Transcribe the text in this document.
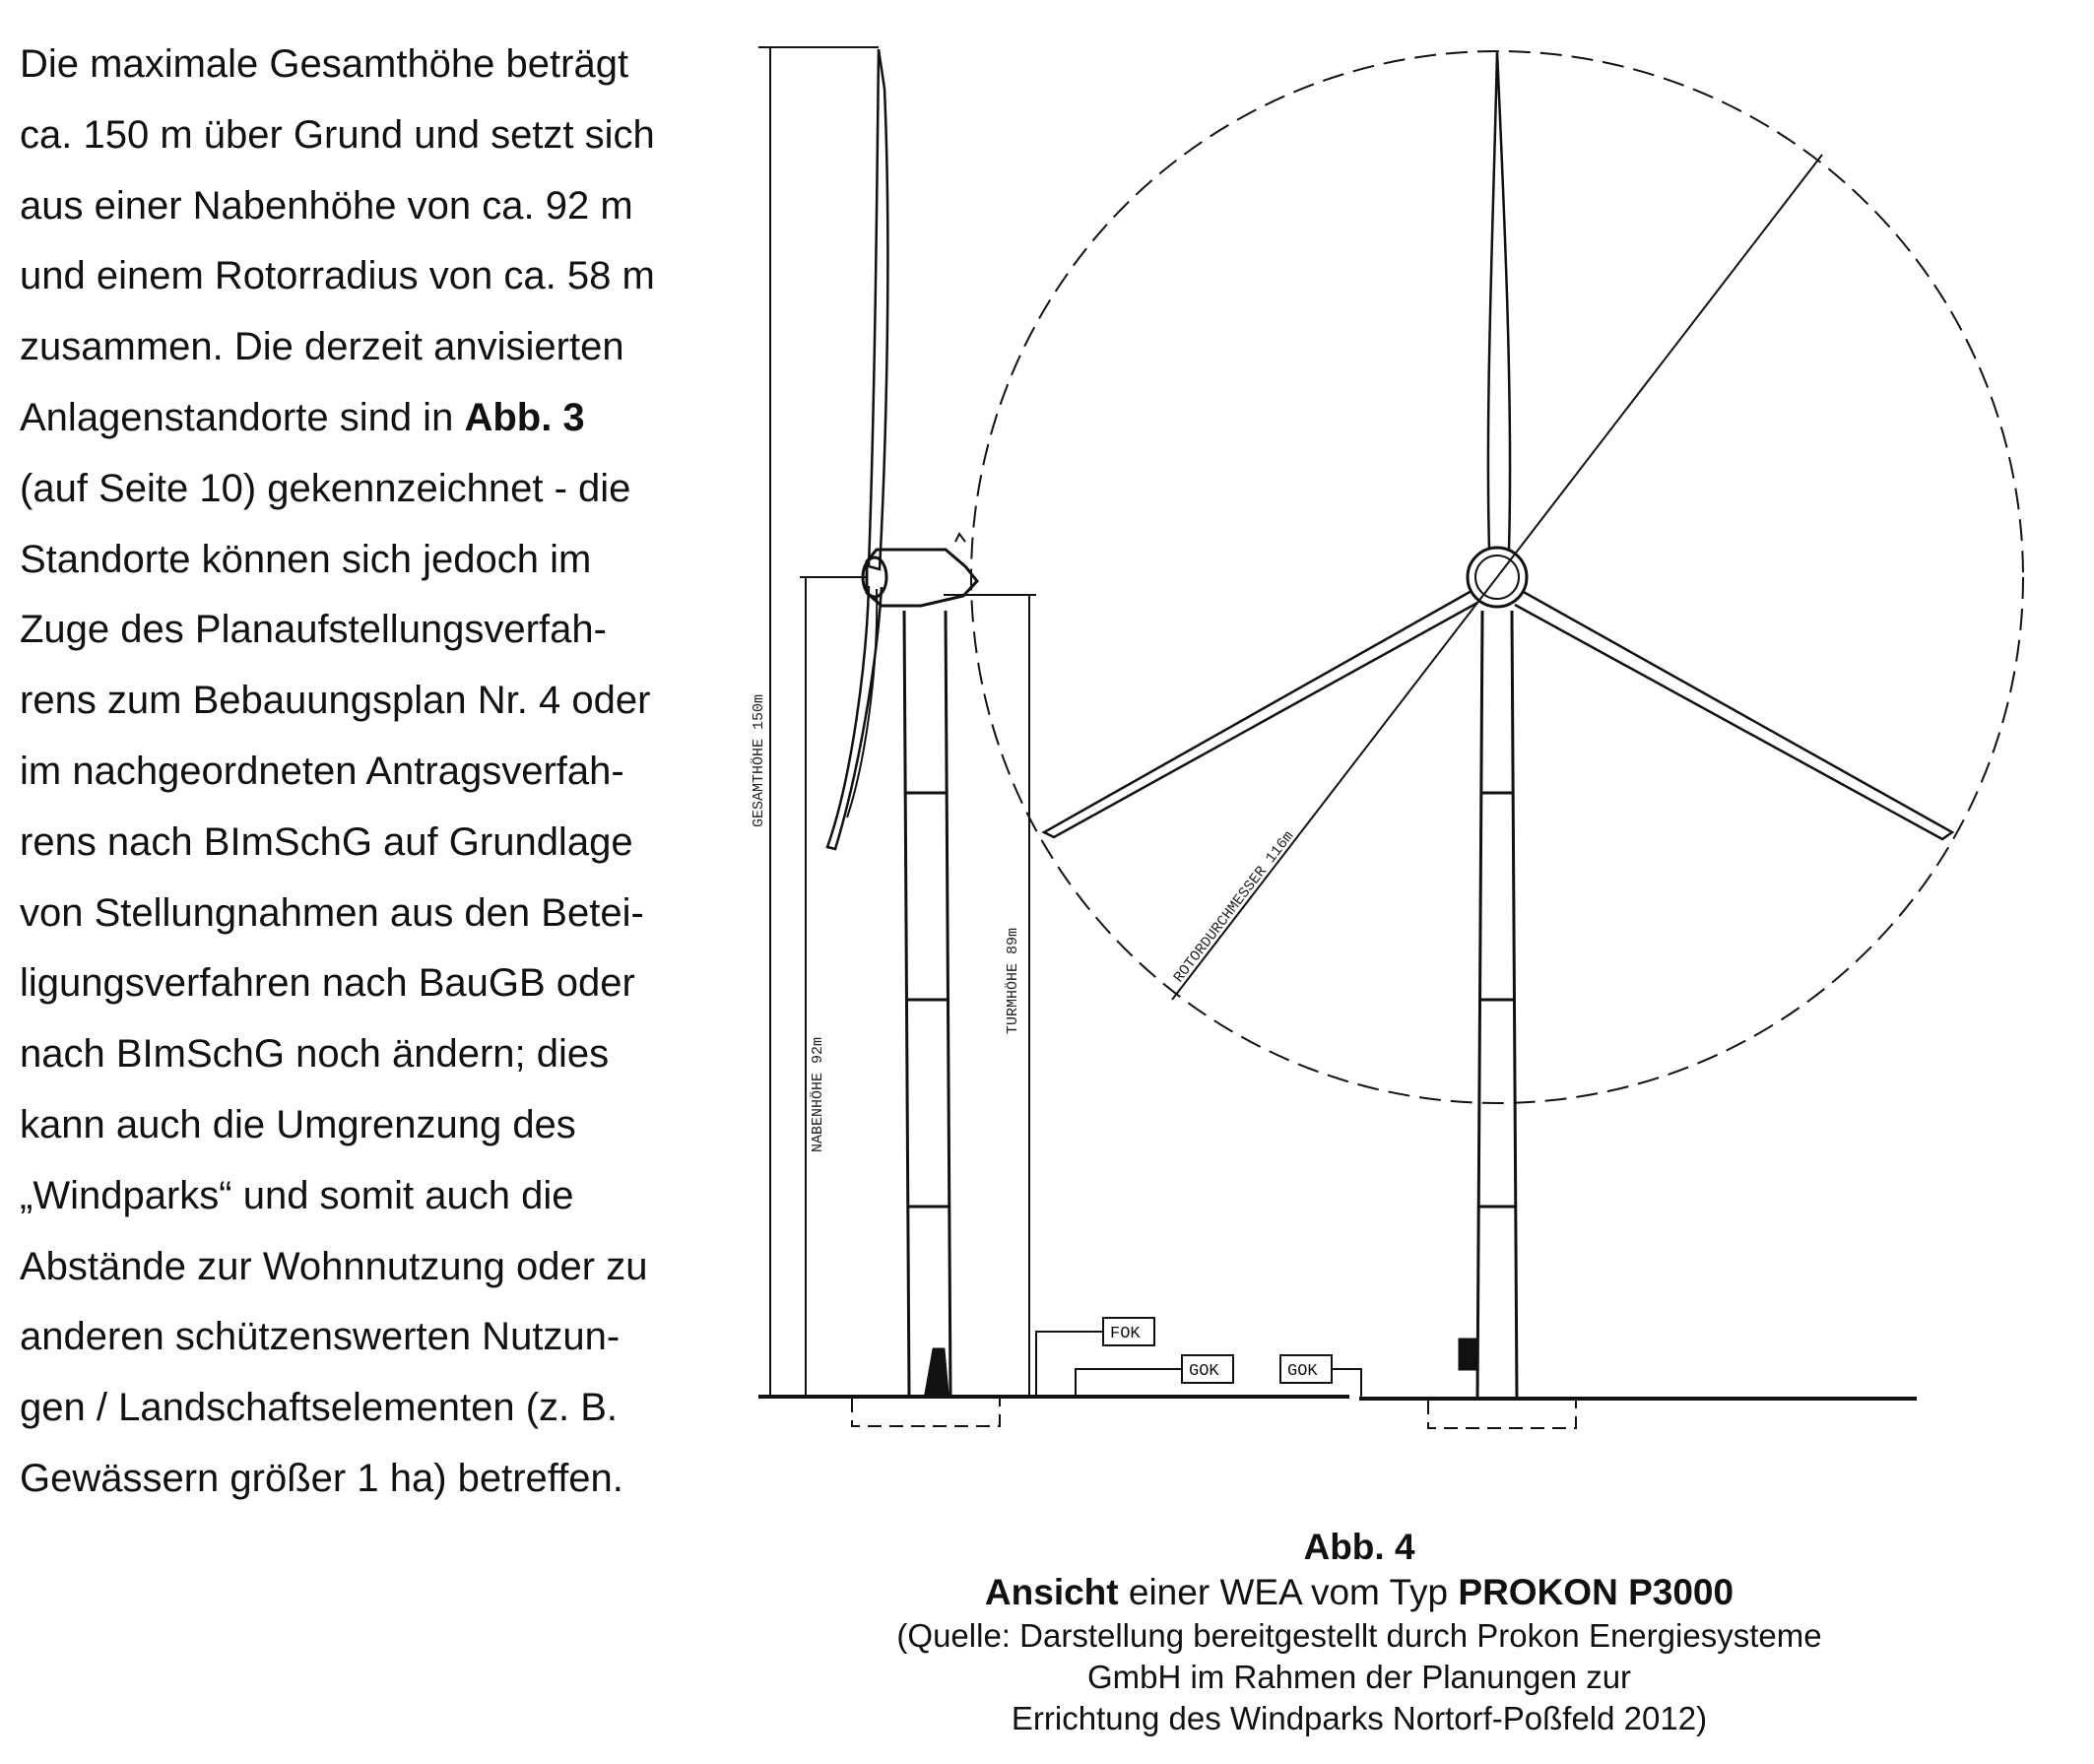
Die maximale Gesamthöhe beträgt
ca. 150 m über Grund und setzt sich
aus einer Nabenhöhe von ca. 92 m
und einem Rotorradius von ca. 58 m
zusammen. Die derzeit anvisierten
Anlagenstandorte sind in Abb. 3
(auf Seite 10) gekennzeichnet - die
Standorte können sich jedoch im
Zuge des Planaufstellungsverfah-
rens zum Bebauungsplan Nr. 4 oder
im nachgeordneten Antragsverfah-
rens nach BImSchG auf Grundlage
von Stellungnahmen aus den Betei-
ligungsverfahren nach BauGB oder
nach BImSchG noch ändern; dies
kann auch die Umgrenzung des
„Windparks“ und somit auch die
Abstände zur Wohnnutzung oder zu
anderen schützenswerten Nutzun-
gen / Landschaftselementen (z. B.
Gewässern größer 1 ha) betreffen.
GESAMTHÖHE 150m
NABENHÖHE 92m
TURMHÖHE 89m	ROTORDURCHMESSER 116m
FOK
GOK	GOK
Abb. 4
Ansicht einer WEA vom Typ PROKON P3000
(Quelle: Darstellung bereitgestellt durch Prokon Energiesysteme
GmbH im Rahmen der Planungen zur
Errichtung des Windparks Nortorf-Poßfeld 2012)
